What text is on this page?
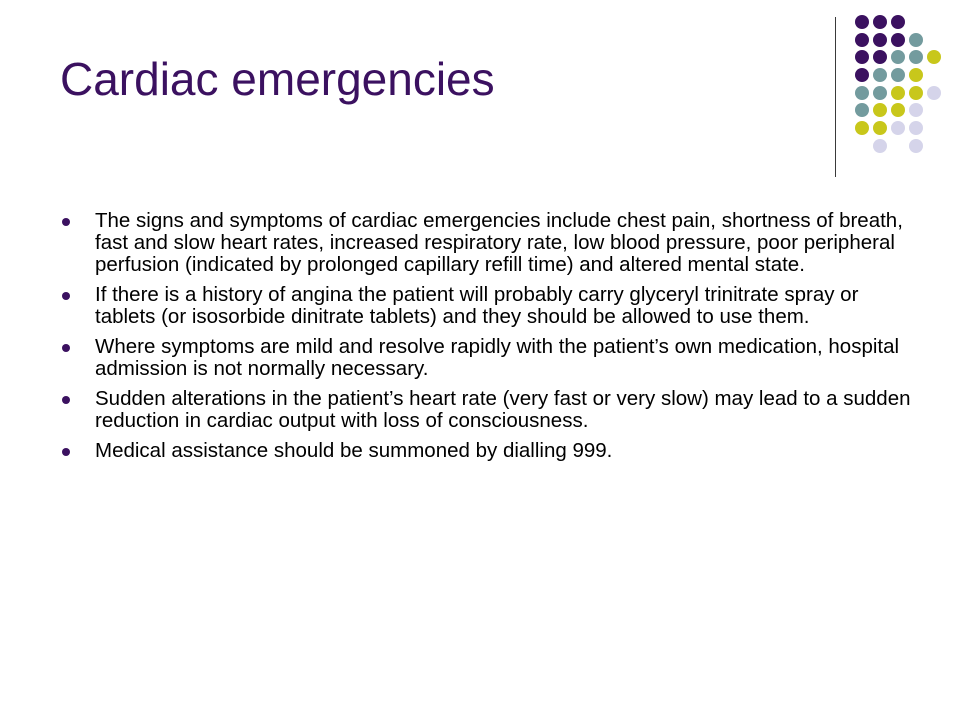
Cardiac emergencies
The signs and symptoms of cardiac emergencies include chest pain, shortness of breath, fast and slow heart rates, increased respiratory rate, low blood pressure, poor peripheral perfusion (indicated by prolonged capillary refill time) and altered mental state.
If there is a history of angina the patient will probably carry glyceryl trinitrate spray or tablets (or isosorbide dinitrate tablets) and they should be allowed to use them.
Where symptoms are mild and resolve rapidly with the patient’s own medication, hospital admission is not normally necessary.
Sudden alterations in the patient’s heart rate (very fast or very slow) may lead to a sudden reduction in cardiac output with loss of consciousness.
Medical assistance should be summoned by dialling 999.
